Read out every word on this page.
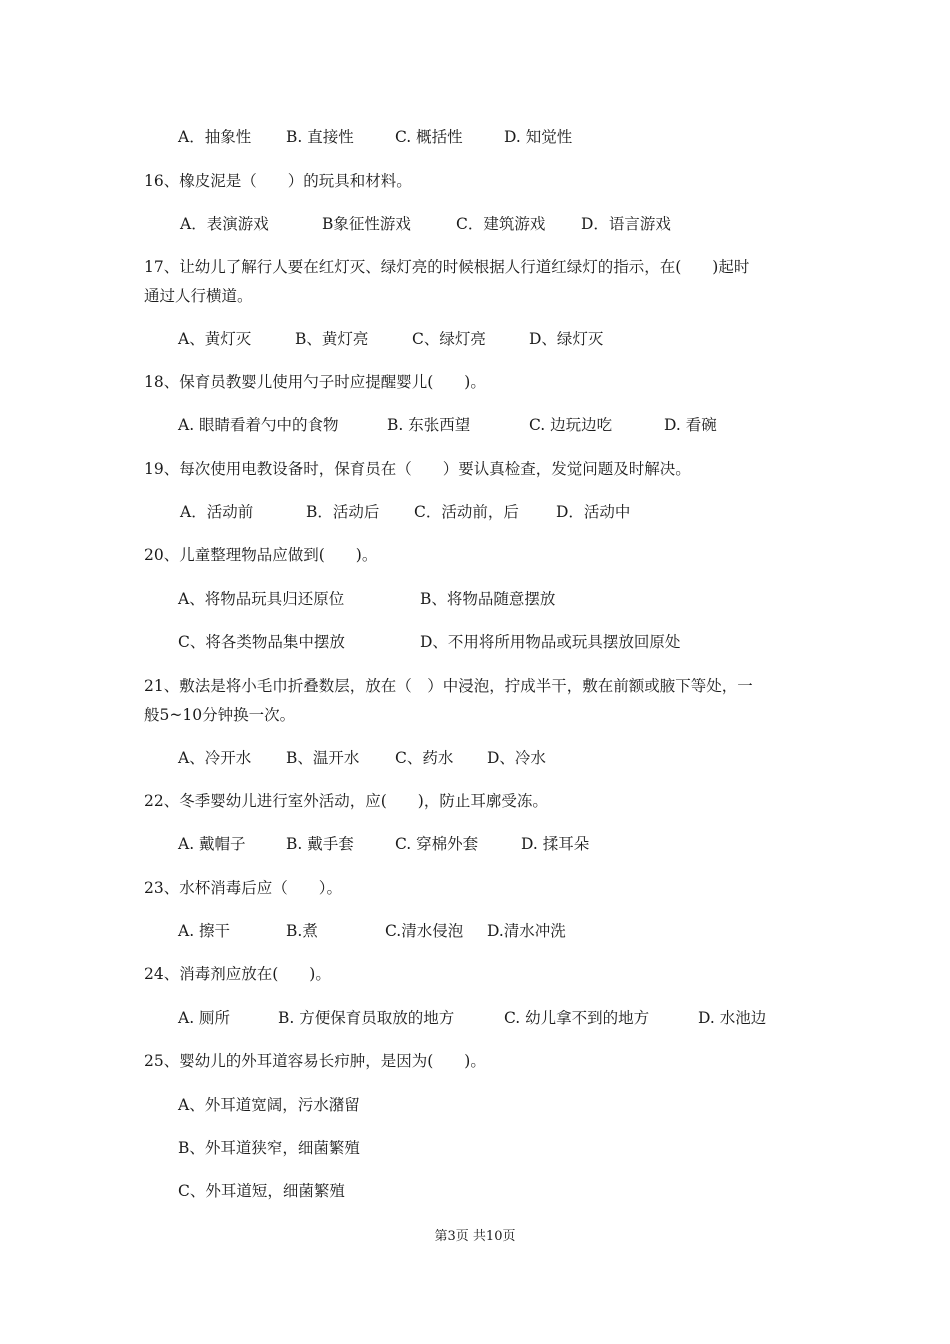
A．抽象性 B. 直接性	C. 概括性	D. 知觉性
16、橡皮泥是（　　）的玩具和材料。
A．表演游戏	B象征性游戏	C．建筑游戏 D．语言游戏
17、让幼儿了解行人要在红灯灭、绿灯亮的时候根据人行道红绿灯的指示，在(　　)起时
通过人行横道。
A、黄灯灭	B、黄灯亮	C、绿灯亮	D、绿灯灭
18、保育员教婴儿使用勺子时应提醒婴儿(　　)。
A. 眼睛看着勺中的食物	B. 东张西望	C. 边玩边吃	D. 看碗
19、每次使用电教设备时，保育员在（　　）要认真检查，发觉问题及时解决。
A．活动前	B．活动后 C．活动前，后 D．活动中
20、儿童整理物品应做到(　　)。
A、将物品玩具归还原位	B、将物品随意摆放
C、将各类物品集中摆放	D、不用将所用物品或玩具摆放回原处
21、敷法是将小毛巾折叠数层，放在（　）中浸泡，拧成半干，敷在前额或腋下等处，一
般5~10分钟换一次。
A、冷开水 B、温开水 C、药水 D、冷水
22、冬季婴幼儿进行室外活动，应(　　)，防止耳廓受冻。
A. 戴帽子	B. 戴手套	C. 穿棉外套	D. 揉耳朵
23、水杯消毒后应（　　）。
A. 擦干	B.煮	C.清水侵泡 D.清水冲洗
24、消毒剂应放在(　　)。
A. 厕所	B. 方便保育员取放的地方	C. 幼儿拿不到的地方	D. 水池边
25、婴幼儿的外耳道容易长疖肿，是因为(　　)。
A、外耳道宽阔，污水潴留
B、外耳道狭窄，细菌繁殖
C、外耳道短，细菌繁殖
第3页 共10页
